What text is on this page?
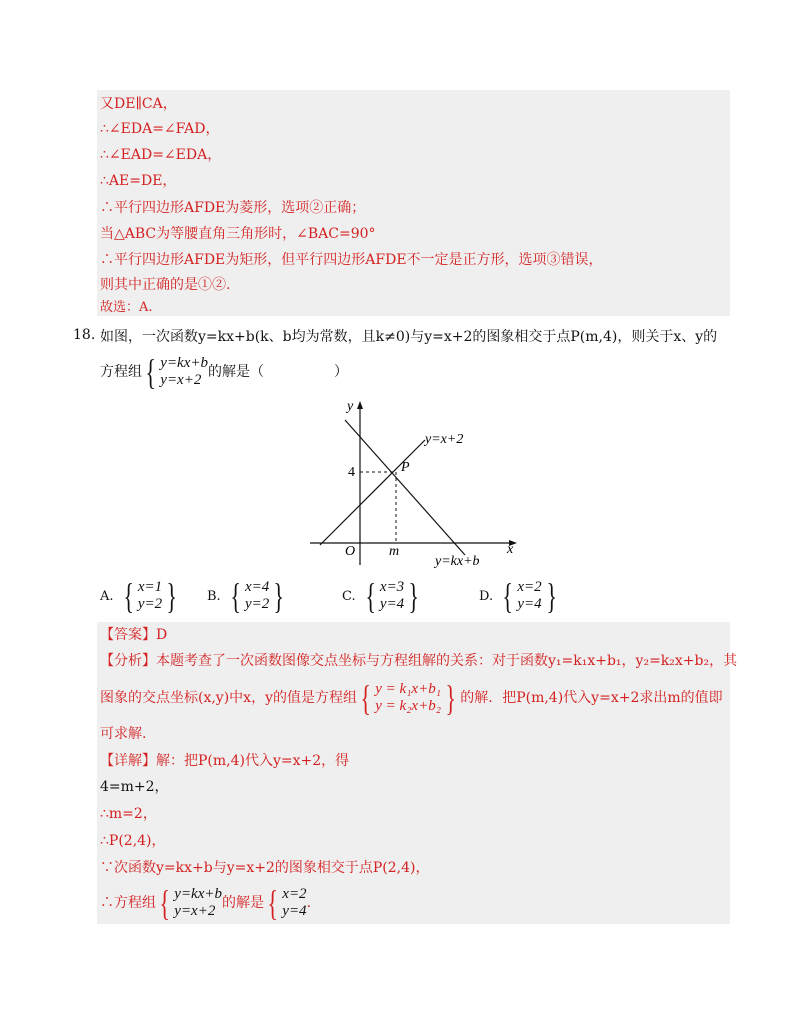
又DE∥CA，
∴∠EDA=∠FAD，
∴∠EAD=∠EDA，
∴AE=DE，
∴平行四边形AFDE为菱形，选项②正确；
当△ABC为等腰直角三角形时，∠BAC=90°
∴平行四边形AFDE为矩形，但平行四边形AFDE不一定是正方形，选项③错误，
则其中正确的是①②.
故选：A.
18. 如图，一次函数y=kx+b(k、b均为常数，且k≠0)与y=x+2的图象相交于点P(m,4)，则关于x、y的
方程组 { y=kx+b
y=x+2 的解是（　　　　　）
y
x
O
P
m
4
y=x+2
y=kx+b
A. { x=1
y=2 } B. { x=4
y=2 }	C. { x=3
y=4 }	D. { x=2
y=4 }
【答案】D
【分析】本题考查了一次函数图像交点坐标与方程组解的关系：对于函数y₁=k₁x+b₁，y₂=k₂x+b₂，其
图象的交点坐标(x,y)中x，y的值是方程组 { y = k₁x+b₁
y = k₂x+b₂ } 的解．把P(m,4)代入y=x+2求出m的值即
可求解.
【详解】解：把P(m,4)代入y=x+2，得
4=m+2，
∴m=2，
∴P(2,4)，
∵次函数y=kx+b与y=x+2的图象相交于点P(2,4)，
∴方程组 { y=kx+b
y=x+2 的解是 { x=2
y=4 .
